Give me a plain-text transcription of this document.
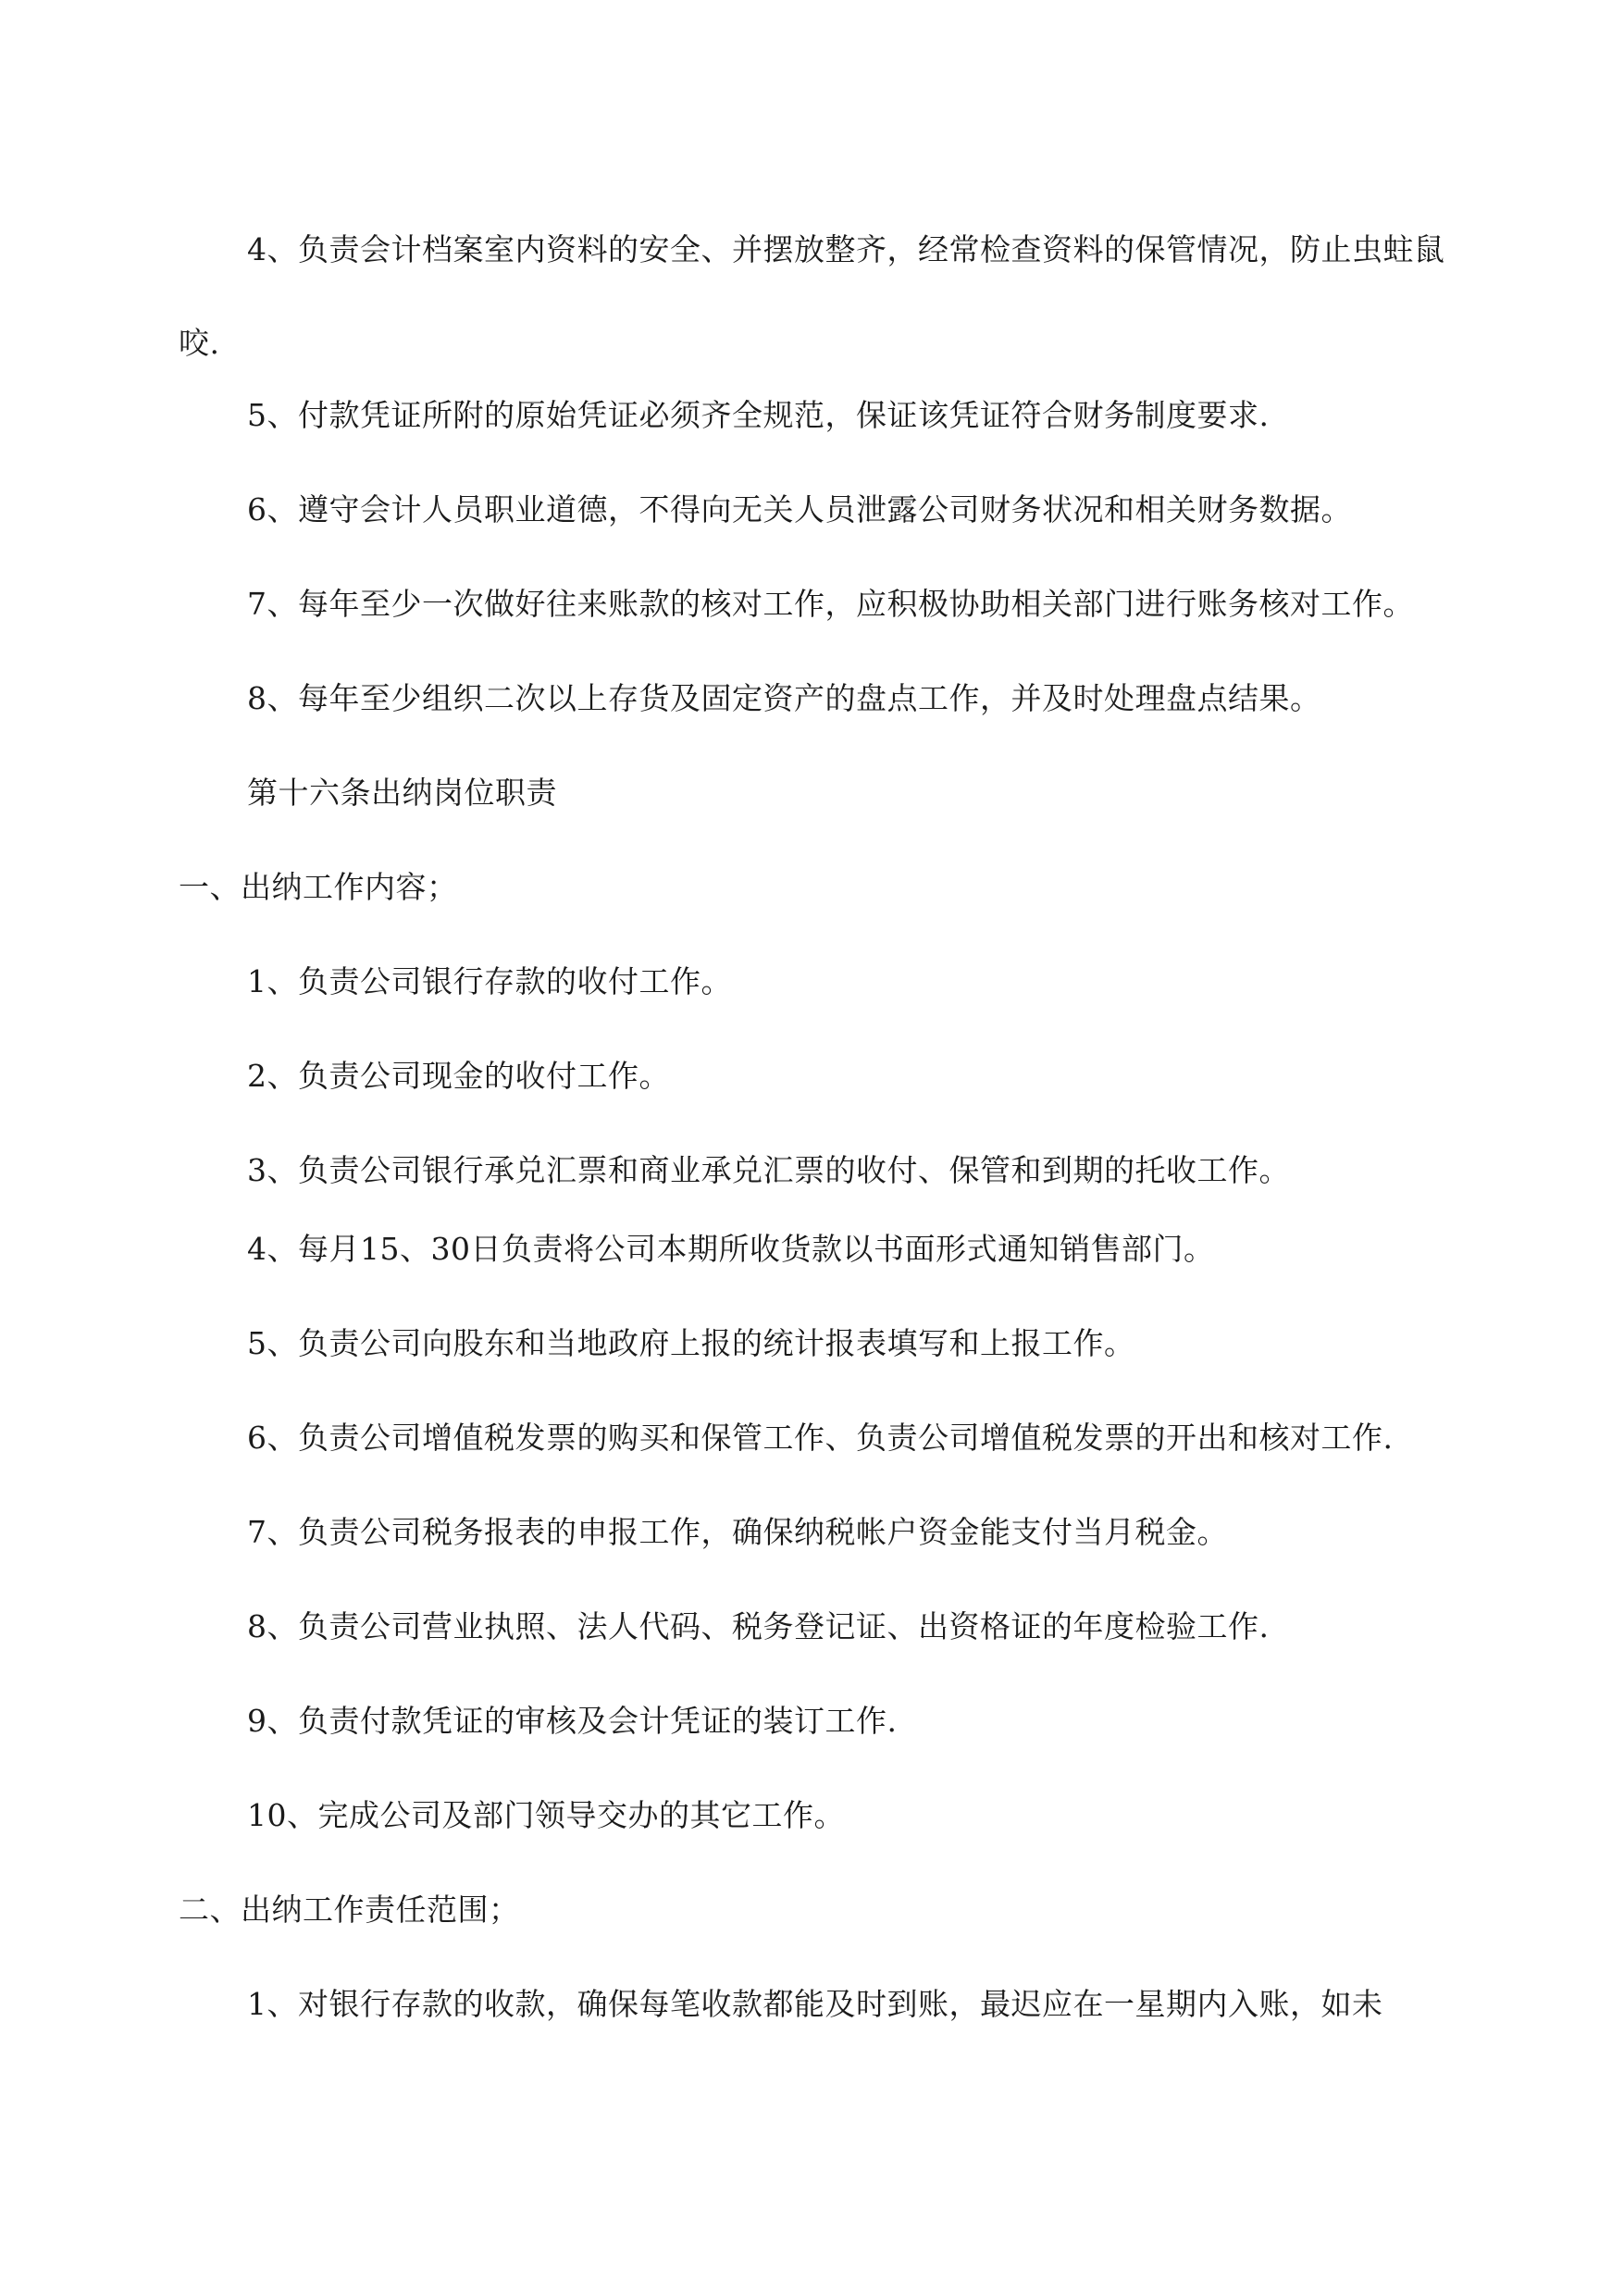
4、负责会计档案室内资料的安全、并摆放整齐，经常检查资料的保管情况，防止虫蛀鼠咬.

5、付款凭证所附的原始凭证必须齐全规范，保证该凭证符合财务制度要求.

6、遵守会计人员职业道德，不得向无关人员泄露公司财务状况和相关财务数据。

7、每年至少一次做好往来账款的核对工作，应积极协助相关部门进行账务核对工作。

8、每年至少组织二次以上存货及固定资产的盘点工作，并及时处理盘点结果。

第十六条出纳岗位职责

一、出纳工作内容；

1、负责公司银行存款的收付工作。

2、负责公司现金的收付工作。

3、负责公司银行承兑汇票和商业承兑汇票的收付、保管和到期的托收工作。

4、每月15、30日负责将公司本期所收货款以书面形式通知销售部门。

5、负责公司向股东和当地政府上报的统计报表填写和上报工作。

6、负责公司增值税发票的购买和保管工作、负责公司增值税发票的开出和核对工作.

7、负责公司税务报表的申报工作，确保纳税帐户资金能支付当月税金。

8、负责公司营业执照、法人代码、税务登记证、出资格证的年度检验工作.

9、负责付款凭证的审核及会计凭证的装订工作.

10、完成公司及部门领导交办的其它工作。

二、出纳工作责任范围；

1、对银行存款的收款，确保每笔收款都能及时到账，最迟应在一星期内入账，如未
